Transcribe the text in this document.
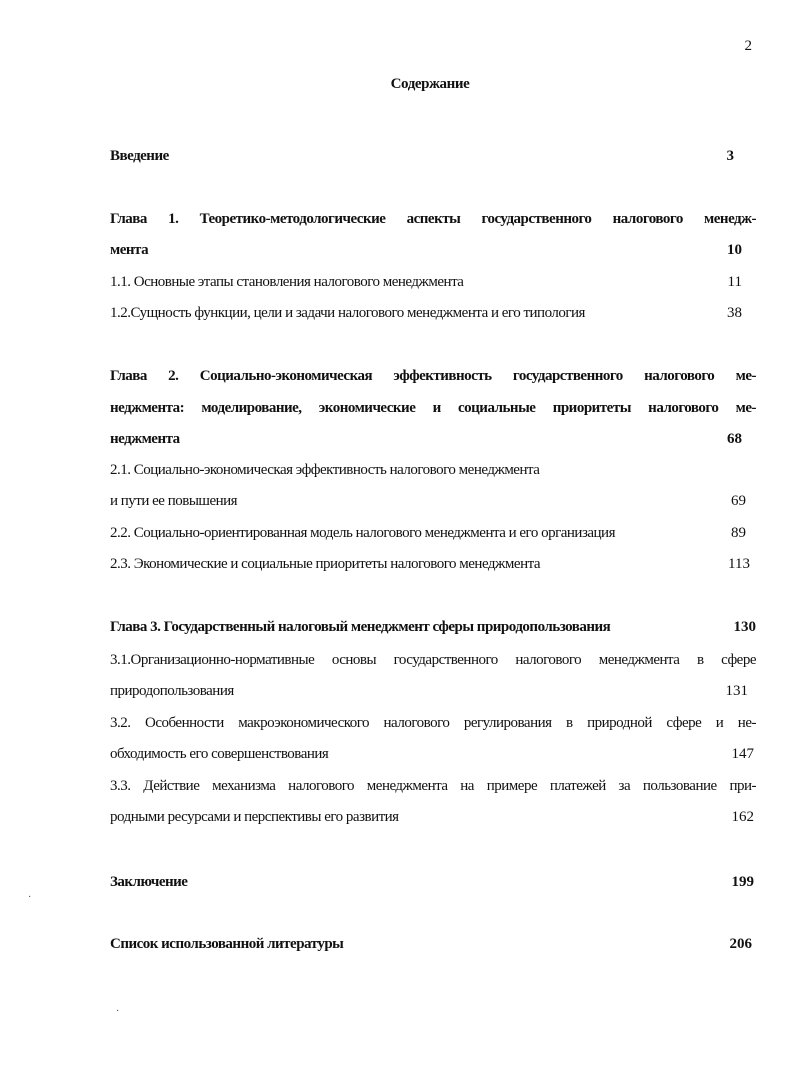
2
Содержание
Введение	3
Глава 1. Теоретико-методологические аспекты государственного налогового менедж-
мента	10
1.1. Основные этапы становления налогового менеджмента	11
1.2.Сущность функции, цели и задачи налогового менеджмента и его типология	38
Глава 2. Социально-экономическая эффективность государственного налогового ме-
неджмента: моделирование, экономические и социальные приоритеты налогового ме-
неджмента	68
2.1. Социально-экономическая эффективность налогового менеджмента
и пути ее повышения	69
2.2. Социально-ориентированная модель налогового менеджмента и его организация	89
2.3. Экономические и социальные приоритеты налогового менеджмента	113
Глава 3. Государственный налоговый менеджмент сферы природопользования	130
3.1.Организационно-нормативные основы государственного налогового менеджмента в сфере
природопользования	131
3.2. Особенности макроэкономического налогового регулирования в природной сфере и не-
обходимость его совершенствования	147
3.3. Действие механизма налогового менеджмента на примере платежей за пользование при-
родными ресурсами и перспективы его развития	162
Заключение	199
Список использованной литературы	206
·
·
